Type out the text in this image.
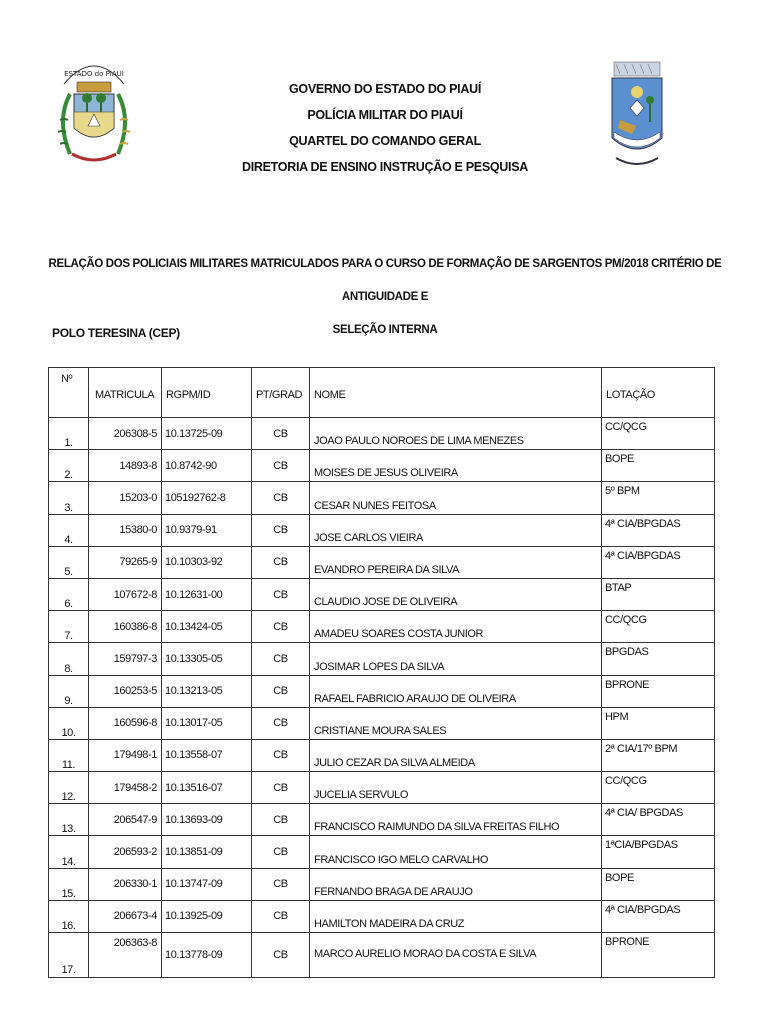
ESTADO do PIAUÍ
GOVERNO DO ESTADO DO PIAUÍ
POLÍCIA MILITAR DO PIAUÍ
QUARTEL DO COMANDO GERAL
DIRETORIA DE ENSINO INSTRUÇÃO E PESQUISA
RELAÇÃO DOS POLICIAIS MILITARES MATRICULADOS PARA O CURSO DE FORMAÇÃO DE SARGENTOS PM/2018 CRITÉRIO DE ANTIGUIDADE E
SELEÇÃO INTERNA
POLO TERESINA (CEP)
Nº	MATRICULA	RGPM/ID	PT/GRAD	NOME	LOTAÇÃO
1.	206308-5	10.13725-09	CB	JOAO PAULO NOROES DE LIMA MENEZES	CC/QCG
2.	14893-8	10.8742-90	CB	MOISES DE JESUS OLIVEIRA	BOPE
3.	15203-0	105192762-8	CB	CESAR NUNES FEITOSA	5º BPM
4.	15380-0	10.9379-91	CB	JOSE CARLOS VIEIRA	4ª CIA/BPGDAS
5.	79265-9	10.10303-92	CB	EVANDRO PEREIRA DA SILVA	4ª CIA/BPGDAS
6.	107672-8	10.12631-00	CB	CLAUDIO JOSE DE OLIVEIRA	BTAP
7.	160386-8	10.13424-05	CB	AMADEU SOARES COSTA JUNIOR	CC/QCG
8.	159797-3	10.13305-05	CB	JOSIMAR LOPES DA SILVA	BPGDAS
9.	160253-5	10.13213-05	CB	RAFAEL FABRICIO ARAUJO DE OLIVEIRA	BPRONE
10.	160596-8	10.13017-05	CB	CRISTIANE MOURA SALES	HPM
11.	179498-1	10.13558-07	CB	JULIO CEZAR DA SILVA ALMEIDA	2ª CIA/17º BPM
12.	179458-2	10.13516-07	CB	JUCELIA SERVULO	CC/QCG
13.	206547-9	10.13693-09	CB	FRANCISCO RAIMUNDO DA SILVA FREITAS FILHO	4ª CIA/ BPGDAS
14.	206593-2	10.13851-09	CB	FRANCISCO IGO MELO CARVALHO	1ªCIA/BPGDAS
15.	206330-1	10.13747-09	CB	FERNANDO BRAGA DE ARAUJO	BOPE
16.	206673-4	10.13925-09	CB	HAMILTON MADEIRA DA CRUZ	4ª CIA/BPGDAS
17.	206363-8	10.13778-09	CB	MARCO AURELIO MORAO DA COSTA E SILVA	BPRONE
